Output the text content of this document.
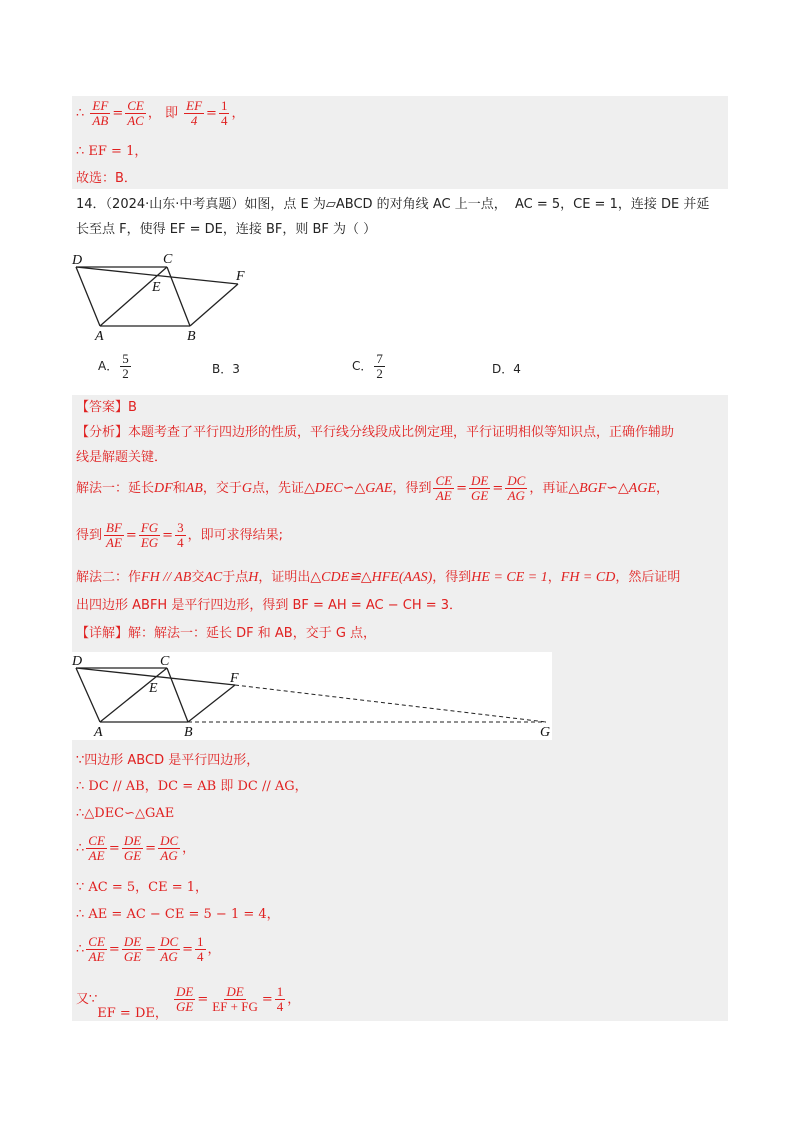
∴ $\frac{EF}{AB} = \frac{CE}{AC}$ ， 即 $\frac{EF}{4} = \frac{1}{4}$ ，
∴ EF = 1，
故选：B．
14．（2024·山东·中考真题）如图，点 E 为▱ABCD 的对角线 AC 上一点， AC = 5，CE = 1，连接 DE 并延
长至点 F，使得 EF = DE，连接 BF，则 BF 为（ ）
D	C
E
F
A	B
A． $\frac{5}{2}$	B．3	C． $\frac{7}{2}$	D．4
【答案】B
【分析】本题考查了平行四边形的性质，平行线分线段成比例定理，平行证明相似等知识点，正确作辅助
线是解题关键．
解法一：延长DF和AB，交于G点，先证△DEC∽△GAE，得到 $\frac{CE}{AE} = \frac{DE}{GE} = \frac{DC}{AG}$ ，再证△BGF∽△AGE，
得到 $\frac{BF}{AE} = \frac{FG}{EG} = \frac{3}{4}$ ，即可求得结果;
解法二：作FH // AB交AC于点H，证明出△CDE≌△HFE(AAS)，得到HE = CE = 1，FH = CD，然后证明
出四边形 ABFH 是平行四边形，得到 BF = AH = AC − CH = 3．
【详解】解：解法一：延长 DF 和 AB，交于 G 点，
D	C
E
F
A	B	G
∵四边形 ABCD 是平行四边形，
∴ DC // AB，DC = AB 即 DC // AG，
∴△DEC∽△GAE
∴ $\frac{CE}{AE} = \frac{DE}{GE} = \frac{DC}{AG}$ ，
∵ AC = 5，CE = 1，
∴ AE = AC − CE = 5 − 1 = 4，
∴ $\frac{CE}{AE} = \frac{DE}{GE} = \frac{DC}{AG} = \frac{1}{4}$ ，
又∵EF = DE， $\frac{DE}{GE} = \frac{DE}{EF + FG} = \frac{1}{4}$ ，
